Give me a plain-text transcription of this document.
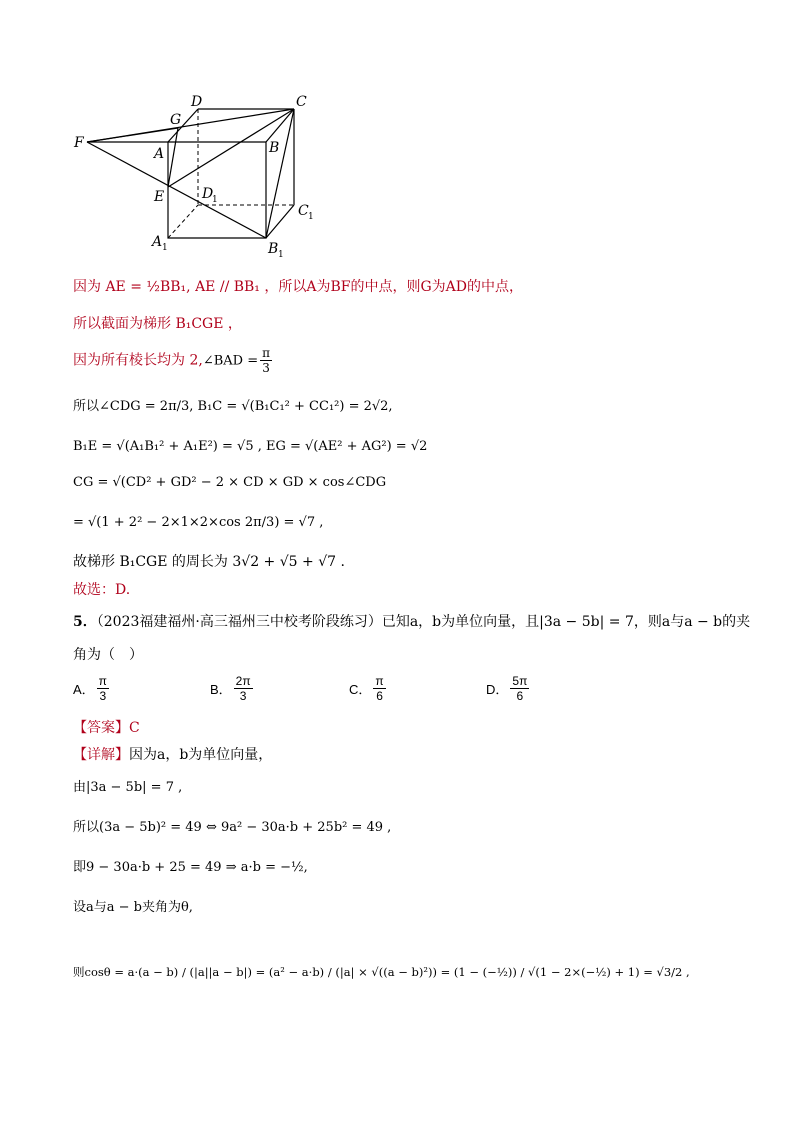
D	C
G
F
A	B
E	D
1
C 1
A 1	B 1
因为 AE = ½BB₁, AE // BB₁ ，所以A为BF的中点，则G为AD的中点，
所以截面为梯形 B₁CGE ，
因为所有棱长均为 2,∠BAD = $\frac{\pi}{3}$
所以∠CDG = 2π/3, B₁C = √(B₁C₁² + CC₁²) = 2√2,
B₁E = √(A₁B₁² + A₁E²) = √5 , EG = √(AE² + AG²) = √2
CG = √(CD² + GD² − 2 × CD × GD × cos∠CDG
= √(1 + 2² − 2×1×2×cos 2π/3) = √7 ,
故梯形 B₁CGE 的周长为 3√2 + √5 + √7 .
故选：D.
5．（2023福建福州·高三福州三中校考阶段练习）已知a，b为单位向量，且|3a − 5b| = 7，则a与a − b的夹
角为（　）
A． $\frac{\pi}{3}$	B． $\frac{2\pi}{3}$	C． $\frac{\pi}{6}$	D． $\frac{5\pi}{6}$
【答案】C
【详解】因为a，b为单位向量，
由|3a − 5b| = 7 ,
所以(3a − 5b)² = 49 ⇔ 9a² − 30a·b + 25b² = 49 ,
即9 − 30a·b + 25 = 49 ⇒ a·b = −½,
设a与a − b夹角为θ,
则cosθ = a·(a − b) / (|a||a − b|) = (a² − a·b) / (|a| × √((a − b)²)) = (1 − (−½)) / √(1 − 2×(−½) + 1) = √3/2 ,
